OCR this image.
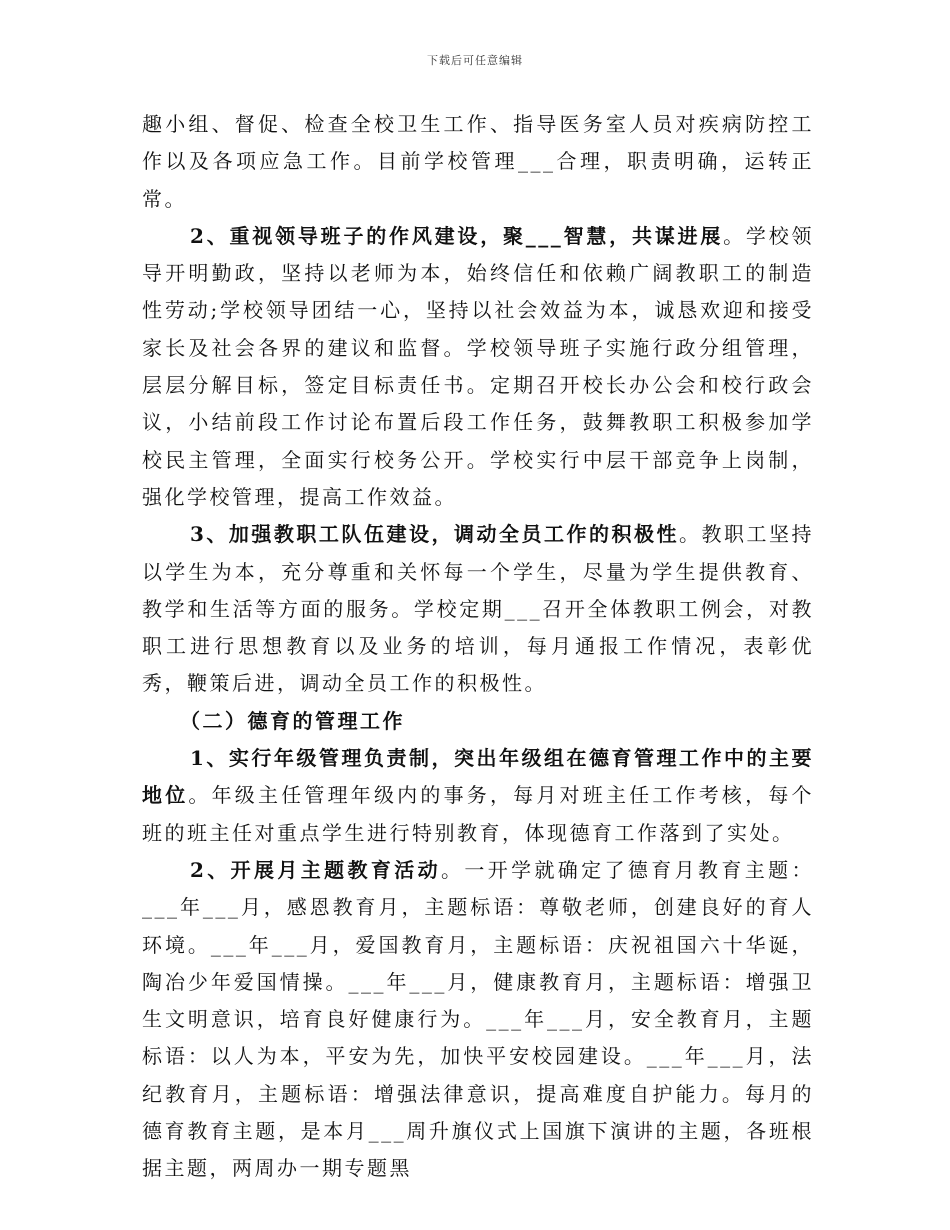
下载后可任意编辑

趣小组、督促、检查全校卫生工作、指导医务室人员对疾病防控工作以及各项应急工作。目前学校管理___合理，职责明确，运转正常。

2、重视领导班子的作风建设，聚___智慧，共谋进展。学校领导开明勤政，坚持以老师为本，始终信任和依赖广阔教职工的制造性劳动;学校领导团结一心，坚持以社会效益为本，诚恳欢迎和接受家长及社会各界的建议和监督。学校领导班子实施行政分组管理，层层分解目标，签定目标责任书。定期召开校长办公会和校行政会议，小结前段工作讨论布置后段工作任务，鼓舞教职工积极参加学校民主管理，全面实行校务公开。学校实行中层干部竞争上岗制，强化学校管理，提高工作效益。

3、加强教职工队伍建设，调动全员工作的积极性。教职工坚持以学生为本，充分尊重和关怀每一个学生，尽量为学生提供教育、教学和生活等方面的服务。学校定期___召开全体教职工例会，对教职工进行思想教育以及业务的培训，每月通报工作情况，表彰优秀，鞭策后进，调动全员工作的积极性。

（二）德育的管理工作

1、实行年级管理负责制，突出年级组在德育管理工作中的主要地位。年级主任管理年级内的事务，每月对班主任工作考核，每个班的班主任对重点学生进行特别教育，体现德育工作落到了实处。

2、开展月主题教育活动。一开学就确定了德育月教育主题：___年___月，感恩教育月，主题标语：尊敬老师，创建良好的育人环境。___年___月，爱国教育月，主题标语：庆祝祖国六十华诞，陶冶少年爱国情操。___年___月，健康教育月，主题标语：增强卫生文明意识，培育良好健康行为。___年___月，安全教育月，主题标语：以人为本，平安为先，加快平安校园建设。___年___月，法纪教育月，主题标语：增强法律意识，提高难度自护能力。每月的德育教育主题，是本月___周升旗仪式上国旗下演讲的主题，各班根据主题，两周办一期专题黑
